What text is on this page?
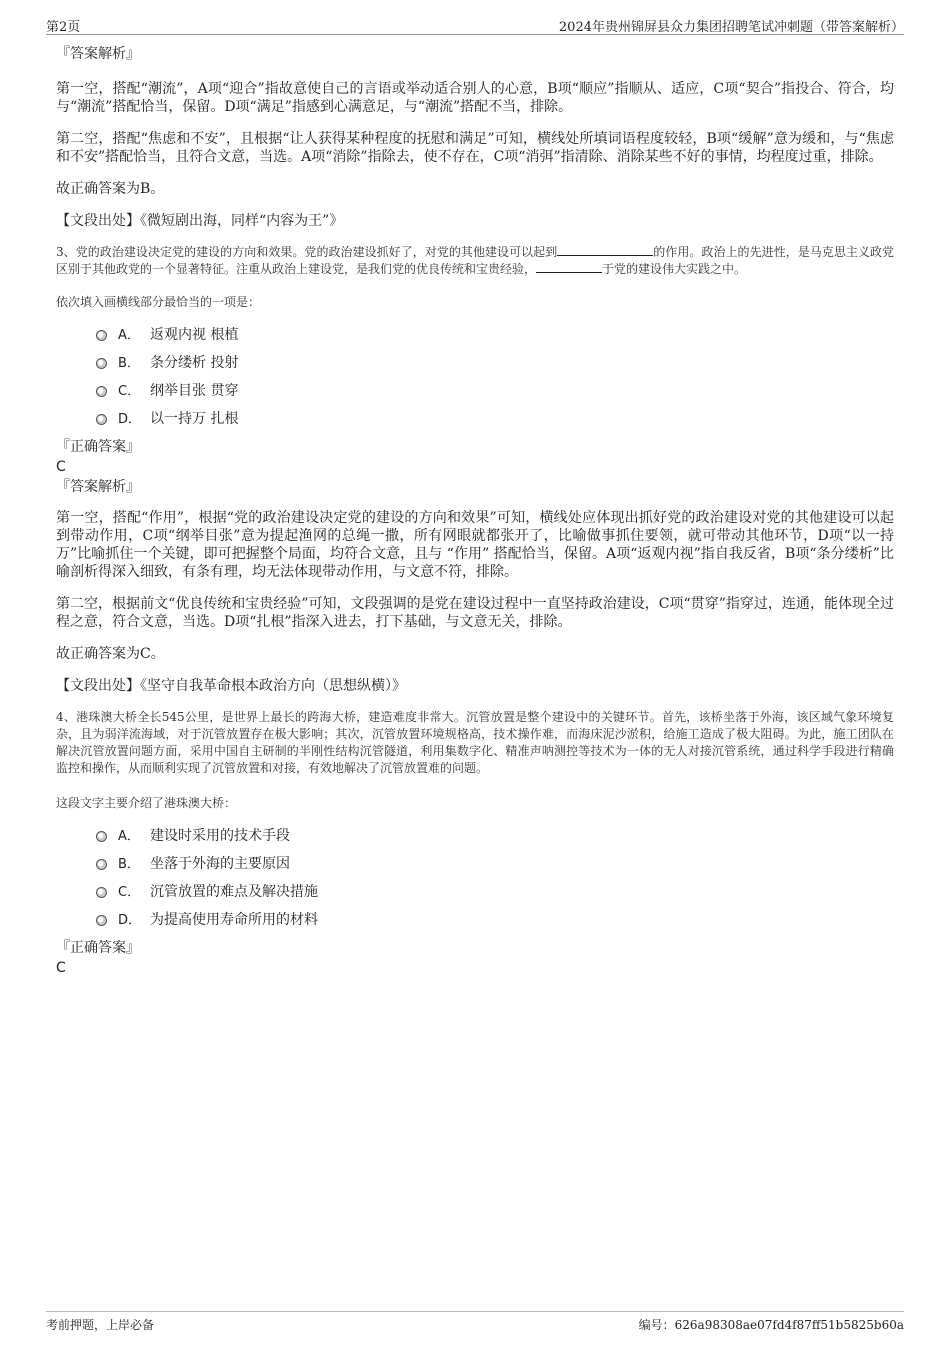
第2页	2024年贵州锦屏县众力集团招聘笔试冲刺题（带答案解析）

『答案解析』

第一空，搭配“潮流”，A项“迎合”指故意使自己的言语或举动适合别人的心意，B项“顺应”指顺从、适应，C项“契合”指投合、符合，均与“潮流”搭配恰当，保留。D项“满足”指感到心满意足，与“潮流”搭配不当，排除。

第二空，搭配“焦虑和不安”，且根据“让人获得某种程度的抚慰和满足”可知，横线处所填词语程度较轻，B项“缓解”意为缓和，与“焦虑和不安”搭配恰当，且符合文意，当选。A项“消除”指除去，使不存在，C项“消弭”指清除、消除某些不好的事情，均程度过重，排除。

故正确答案为B。

【文段出处】《微短剧出海，同样“内容为王”》

3、党的政治建设决定党的建设的方向和效果。党的政治建设抓好了，对党的其他建设可以起到	的作用。政治上的先进性，是马克思主义政党区别于其他政党的一个显著特征。注重从政治上建设党，是我们党的优良传统和宝贵经验，	于党的建设伟大实践之中。

依次填入画横线部分最恰当的一项是：

A． 返观内视 根植
B． 条分缕析 投射
C． 纲举目张 贯穿
D． 以一持万 扎根

『正确答案』

C

『答案解析』

第一空，搭配“作用”，根据“党的政治建设决定党的建设的方向和效果”可知，横线处应体现出抓好党的政治建设对党的其他建设可以起到带动作用，C项“纲举目张”意为提起渔网的总绳一撒，所有网眼就都张开了，比喻做事抓住要领，就可带动其他环节，D项“以一持万”比喻抓住一个关键，即可把握整个局面，均符合文意，且与 “作用” 搭配恰当，保留。A项“返观内视”指自我反省，B项“条分缕析”比喻剖析得深入细致，有条有理，均无法体现带动作用，与文意不符，排除。

第二空，根据前文“优良传统和宝贵经验”可知，文段强调的是党在建设过程中一直坚持政治建设，C项“贯穿”指穿过，连通，能体现全过程之意，符合文意，当选。D项“扎根”指深入进去，打下基础，与文意无关，排除。

故正确答案为C。

【文段出处】《坚守自我革命根本政治方向（思想纵横）》

4、港珠澳大桥全长545公里，是世界上最长的跨海大桥，建造难度非常大。沉管放置是整个建设中的关键环节。首先，该桥坐落于外海，该区域气象环境复杂，且为弱洋流海域，对于沉管放置存在极大影响；其次，沉管放置环境规格高，技术操作难，而海床泥沙淤积，给施工造成了极大阻碍。为此，施工团队在解决沉管放置问题方面，采用中国自主研制的半刚性结构沉管隧道，利用集数字化、精准声呐测控等技术为一体的无人对接沉管系统，通过科学手段进行精确监控和操作，从而顺利实现了沉管放置和对接，有效地解决了沉管放置难的问题。

这段文字主要介绍了港珠澳大桥：

A． 建设时采用的技术手段
B． 坐落于外海的主要原因
C． 沉管放置的难点及解决措施
D． 为提高使用寿命所用的材料

『正确答案』

C

考前押题，上岸必备	编号：626a98308ae07fd4f87ff51b5825b60a
